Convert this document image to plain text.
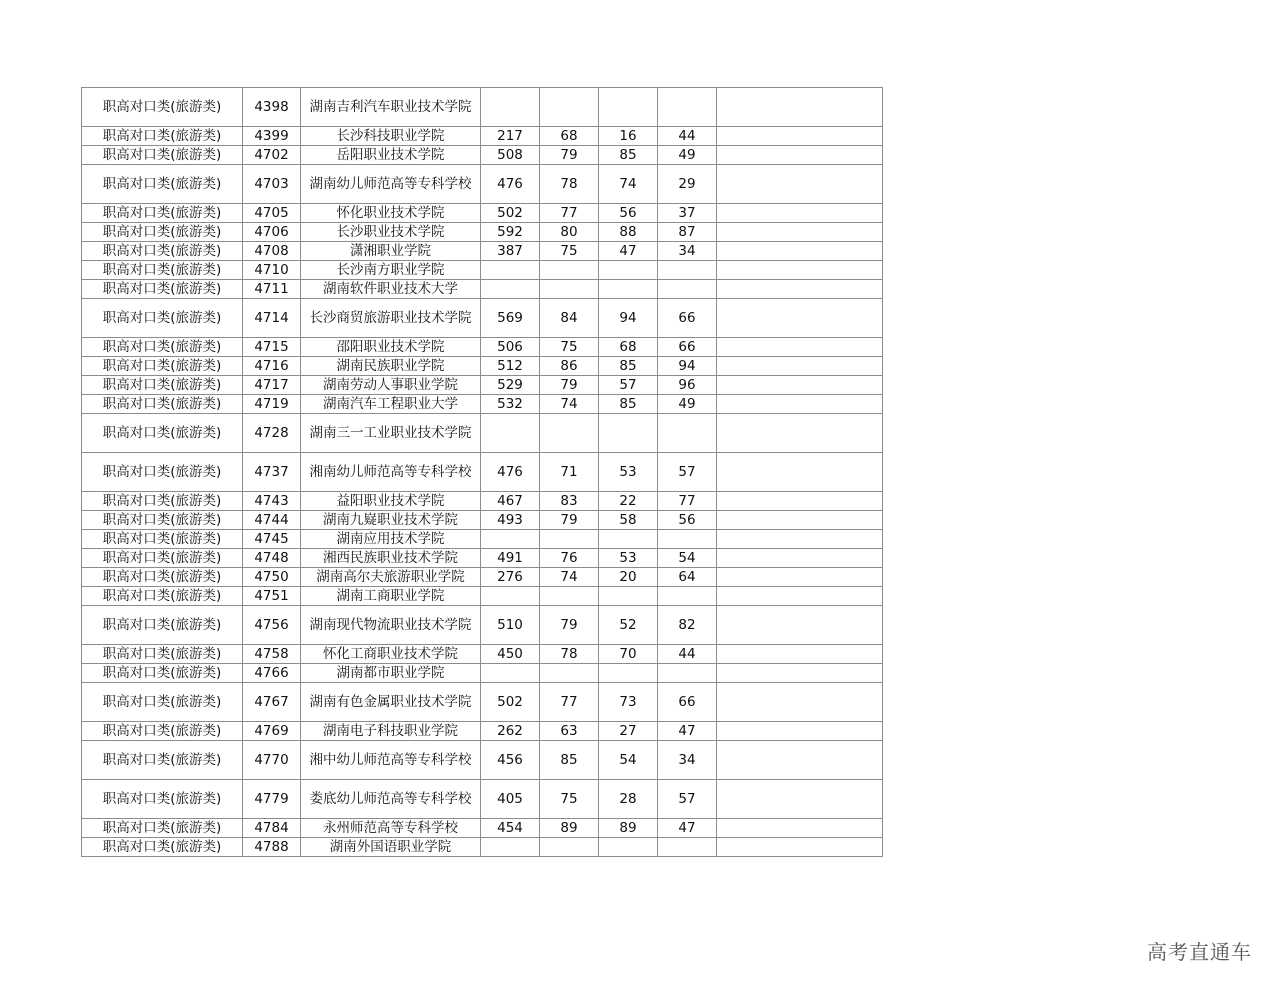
职高对口类(旅游类)	4398	湖南吉利汽车职业技术学院					
职高对口类(旅游类)	4399	长沙科技职业学院	217	68	16	44	
职高对口类(旅游类)	4702	岳阳职业技术学院	508	79	85	49	
职高对口类(旅游类)	4703	湖南幼儿师范高等专科学校	476	78	74	29	
职高对口类(旅游类)	4705	怀化职业技术学院	502	77	56	37	
职高对口类(旅游类)	4706	长沙职业技术学院	592	80	88	87	
职高对口类(旅游类)	4708	潇湘职业学院	387	75	47	34	
职高对口类(旅游类)	4710	长沙南方职业学院					
职高对口类(旅游类)	4711	湖南软件职业技术大学					
职高对口类(旅游类)	4714	长沙商贸旅游职业技术学院	569	84	94	66	
职高对口类(旅游类)	4715	邵阳职业技术学院	506	75	68	66	
职高对口类(旅游类)	4716	湖南民族职业学院	512	86	85	94	
职高对口类(旅游类)	4717	湖南劳动人事职业学院	529	79	57	96	
职高对口类(旅游类)	4719	湖南汽车工程职业大学	532	74	85	49	
职高对口类(旅游类)	4728	湖南三一工业职业技术学院					
职高对口类(旅游类)	4737	湘南幼儿师范高等专科学校	476	71	53	57	
职高对口类(旅游类)	4743	益阳职业技术学院	467	83	22	77	
职高对口类(旅游类)	4744	湖南九嶷职业技术学院	493	79	58	56	
职高对口类(旅游类)	4745	湖南应用技术学院					
职高对口类(旅游类)	4748	湘西民族职业技术学院	491	76	53	54	
职高对口类(旅游类)	4750	湖南高尔夫旅游职业学院	276	74	20	64	
职高对口类(旅游类)	4751	湖南工商职业学院					
职高对口类(旅游类)	4756	湖南现代物流职业技术学院	510	79	52	82	
职高对口类(旅游类)	4758	怀化工商职业技术学院	450	78	70	44	
职高对口类(旅游类)	4766	湖南都市职业学院					
职高对口类(旅游类)	4767	湖南有色金属职业技术学院	502	77	73	66	
职高对口类(旅游类)	4769	湖南电子科技职业学院	262	63	27	47	
职高对口类(旅游类)	4770	湘中幼儿师范高等专科学校	456	85	54	34	
职高对口类(旅游类)	4779	娄底幼儿师范高等专科学校	405	75	28	57	
职高对口类(旅游类)	4784	永州师范高等专科学校	454	89	89	47	
职高对口类(旅游类)	4788	湖南外国语职业学院					
高考直通车
